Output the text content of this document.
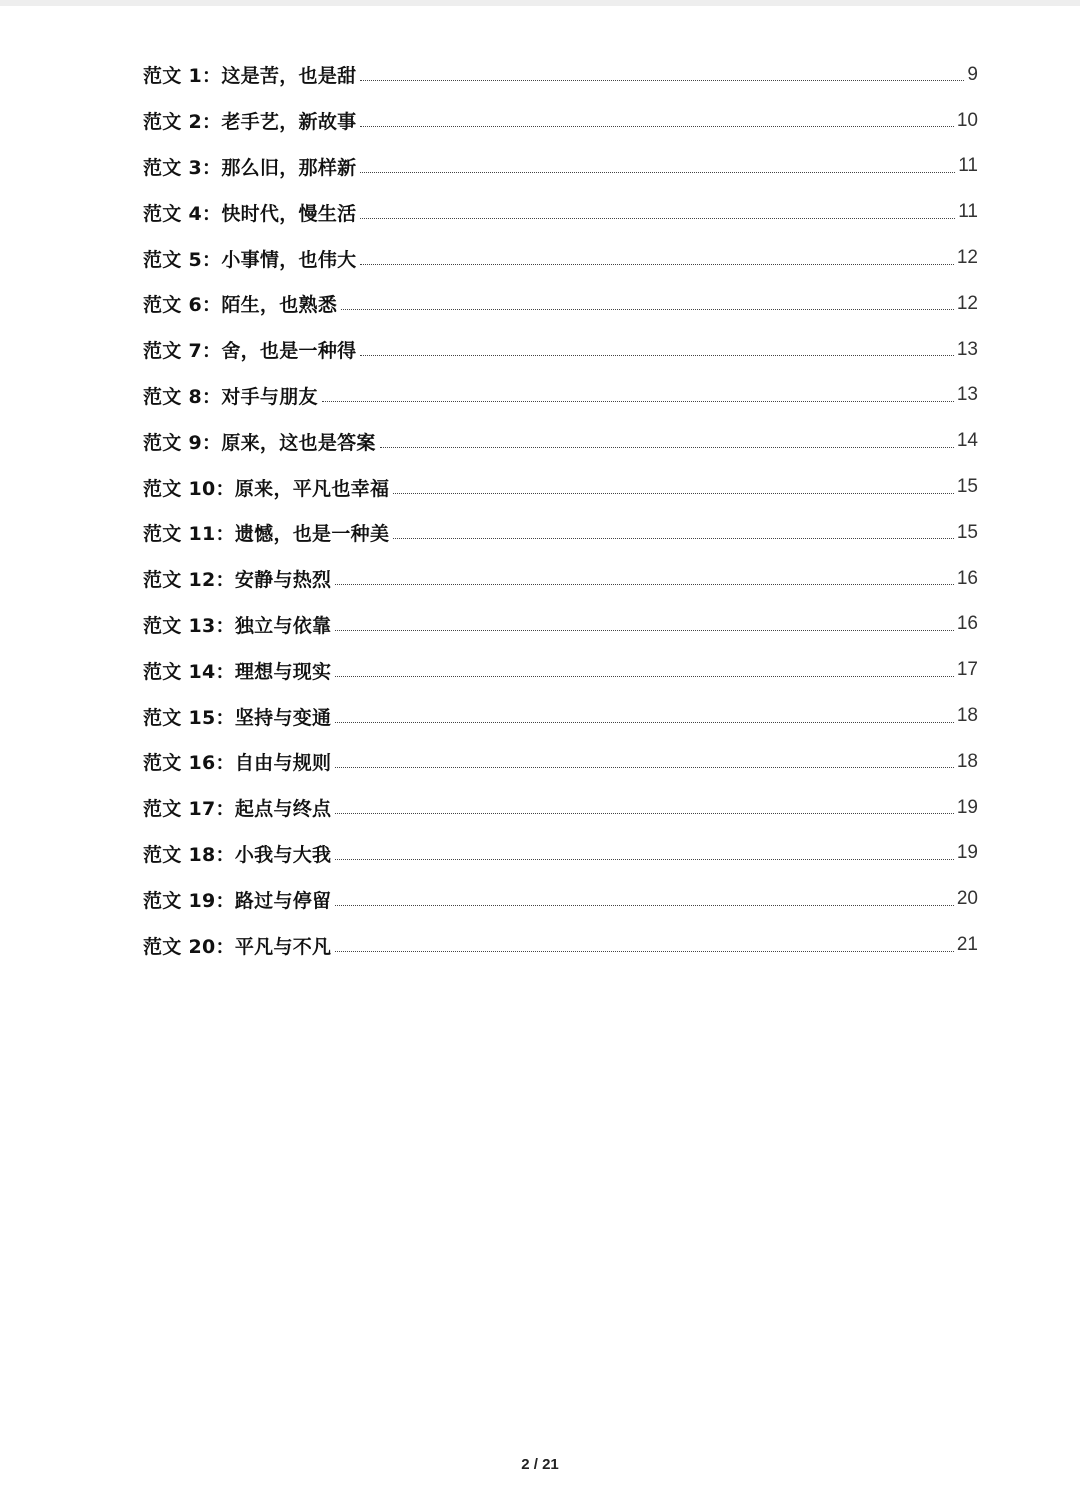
范文 1：这是苦，也是甜	9
范文 2：老手艺，新故事	10
范文 3：那么旧，那样新	11
范文 4：快时代，慢生活	11
范文 5：小事情，也伟大	12
范文 6：陌生，也熟悉	12
范文 7：舍，也是一种得	13
范文 8：对手与朋友	13
范文 9：原来，这也是答案	14
范文 10：原来，平凡也幸福	15
范文 11：遗憾，也是一种美	15
范文 12：安静与热烈	16
范文 13：独立与依靠	16
范文 14：理想与现实	17
范文 15：坚持与变通	18
范文 16：自由与规则	18
范文 17：起点与终点	19
范文 18：小我与大我	19
范文 19：路过与停留	20
范文 20：平凡与不凡	21
2 / 21
